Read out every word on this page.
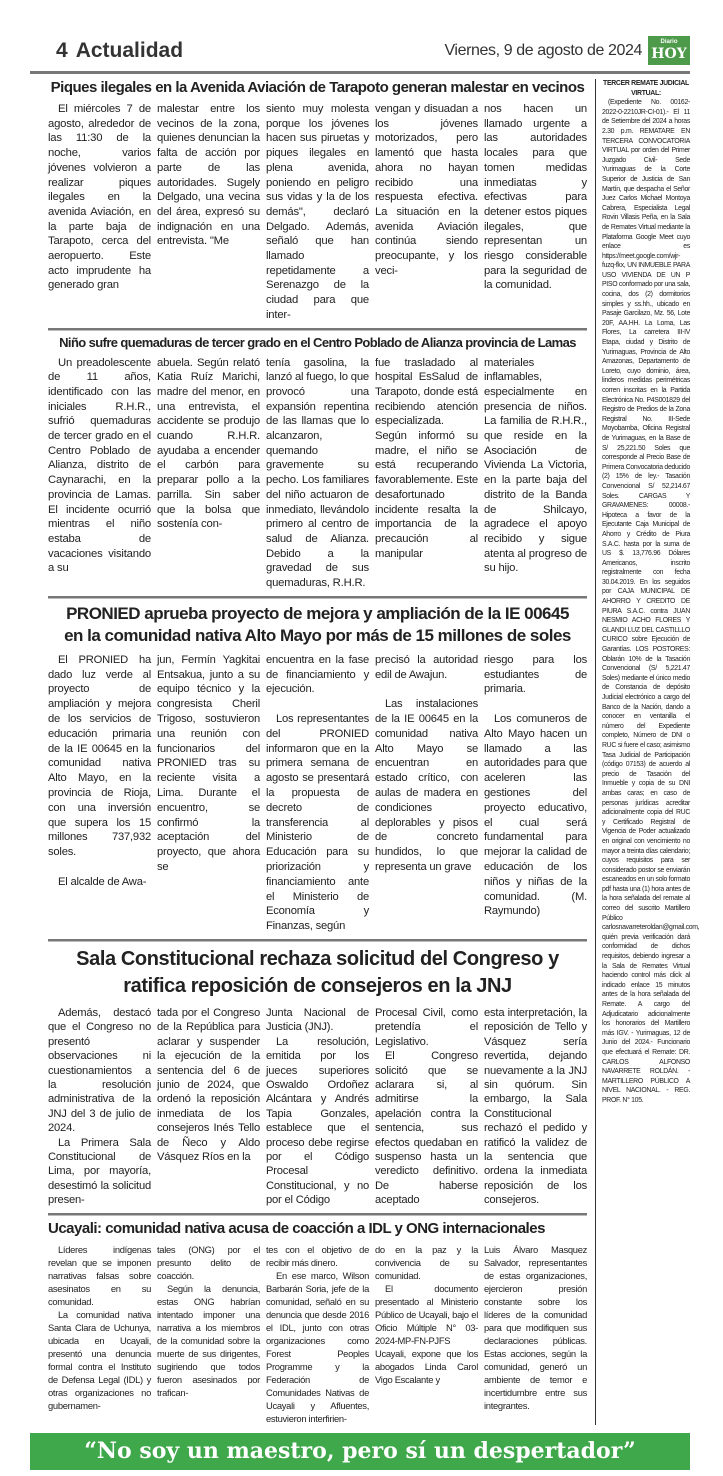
4 Actualidad	Viernes, 9 de agosto de 2024	Diario
HOY
Piques ilegales en la Avenida Aviación de Tarapoto generan malestar en vecinos

El miércoles 7 de agosto, alrededor de las 11:30 de la noche, varios jóvenes volvieron a realizar piques ilegales en la avenida Aviación, en la parte baja de Tarapoto, cerca del aeropuerto. Este acto imprudente ha generado gran

malestar entre los vecinos de la zona, quienes denuncian la falta de acción por parte de las autoridades. Sugely Delgado, una vecina del área, expresó su indignación en una entrevista. "Me

siento muy molesta porque los jóvenes hacen sus piruetas y piques ilegales en plena avenida, poniendo en peligro sus vidas y la de los demás", declaró Delgado. Además, señaló que han llamado repetidamente a Serenazgo de la ciudad para que inter-

vengan y disuadan a los jóvenes motorizados, pero lamentó que hasta ahora no hayan recibido una respuesta efectiva. La situación en la avenida Aviación continúa siendo preocupante, y los veci-

nos hacen un llamado urgente a las autoridades locales para que tomen medidas inmediatas y efectivas para detener estos piques ilegales, que representan un riesgo considerable para la seguridad de la comunidad.

Niño sufre quemaduras de tercer grado en el Centro Poblado de Alianza provincia de Lamas

Un preadolescente de 11 años, identificado con las iniciales R.H.R., sufrió quemaduras de tercer grado en el Centro Poblado de Alianza, distrito de Caynarachi, en la provincia de Lamas. El incidente ocurrió mientras el niño estaba de vacaciones visitando a su

abuela. Según relató Katia Ruíz Marichi, madre del menor, en una entrevista, el accidente se produjo cuando R.H.R. ayudaba a encender el carbón para preparar pollo a la parrilla. Sin saber que la bolsa que sostenía con-

tenía gasolina, la lanzó al fuego, lo que provocó una expansión repentina de las llamas que lo alcanzaron, quemando gravemente su pecho. Los familiares del niño actuaron de inmediato, llevándolo primero al centro de salud de Alianza. Debido a la gravedad de sus quemaduras, R.H.R.

fue trasladado al hospital EsSalud de Tarapoto, donde está recibiendo atención especializada. Según informó su madre, el niño se está recuperando favorablemente. Este desafortunado incidente resalta la importancia de la precaución al manipular

materiales inflamables, especialmente en presencia de niños. La familia de R.H.R., que reside en la Asociación de Vivienda La Victoria, en la parte baja del distrito de la Banda de Shilcayo, agradece el apoyo recibido y sigue atenta al progreso de su hijo.

PRONIED aprueba proyecto de mejora y ampliación de la IE 00645
en la comunidad nativa Alto Mayo por más de 15 millones de soles

El PRONIED ha dado luz verde al proyecto de ampliación y mejora de los servicios de educación primaria de la IE 00645 en la comunidad nativa Alto Mayo, en la provincia de Rioja, con una inversión que supera los 15 millones 737,932 soles.

El alcalde de Awa-

jun, Fermín Yagkitai Entsakua, junto a su equipo técnico y la congresista Cheril Trigoso, sostuvieron una reunión con funcionarios del PRONIED tras su reciente visita a Lima. Durante el encuentro, se confirmó la aceptación del proyecto, que ahora se

encuentra en la fase de financiamiento y ejecución.

Los representantes del PRONIED informaron que en la primera semana de agosto se presentará la propuesta de decreto de transferencia al Ministerio de Educación para su priorización y financiamiento ante el Ministerio de Economía y Finanzas, según

precisó la autoridad edil de Awajun.

Las instalaciones de la IE 00645 en la comunidad nativa Alto Mayo se encuentran en estado crítico, con aulas de madera en condiciones deplorables y pisos de concreto hundidos, lo que representa un grave

riesgo para los estudiantes de primaria.

Los comuneros de Alto Mayo hacen un llamado a las autoridades para que aceleren las gestiones del proyecto educativo, el cual será fundamental para mejorar la calidad de educación de los niños y niñas de la comunidad. (M. Raymundo)

Sala Constitucional rechaza solicitud del Congreso y
ratifica reposición de consejeros en la JNJ

Además, destacó que el Congreso no presentó observaciones ni cuestionamientos a la resolución administrativa de la JNJ del 3 de julio de 2024.

La Primera Sala Constitucional de Lima, por mayoría, desestimó la solicitud presen-

tada por el Congreso de la República para aclarar y suspender la ejecución de la sentencia del 6 de junio de 2024, que ordenó la reposición inmediata de los consejeros Inés Tello de Ñeco y Aldo Vásquez Ríos en la

Junta Nacional de Justicia (JNJ).

La resolución, emitida por los jueces superiores Oswaldo Ordoñez Alcántara y Andrés Tapia Gonzales, establece que el proceso debe regirse por el Código Procesal Constitucional, y no por el Código

Procesal Civil, como pretendía el Legislativo.

El Congreso solicitó que se aclarara si, al admitirse la apelación contra la sentencia, sus efectos quedaban en suspenso hasta un veredicto definitivo. De haberse aceptado

esta interpretación, la reposición de Tello y Vásquez sería revertida, dejando nuevamente a la JNJ sin quórum. Sin embargo, la Sala Constitucional rechazó el pedido y ratificó la validez de la sentencia que ordena la inmediata reposición de los consejeros.

Ucayali: comunidad nativa acusa de coacción a IDL y ONG internacionales

Líderes indígenas revelan que se imponen narrativas falsas sobre asesinatos en su comunidad.

La comunidad nativa Santa Clara de Uchunya, ubicada en Ucayali, presentó una denuncia formal contra el Instituto de Defensa Legal (IDL) y otras organizaciones no gubernamen-

tales (ONG) por el presunto delito de coacción.

Según la denuncia, estas ONG habrían intentado imponer una narrativa a los miembros de la comunidad sobre la muerte de sus dirigentes, sugiriendo que todos fueron asesinados por trafican-

tes con el objetivo de recibir más dinero.

En ese marco, Wilson Barbarán Soria, jefe de la comunidad, señaló en su denuncia que desde 2016 el IDL, junto con otras organizaciones como Forest Peoples Programme y la Federación de Comunidades Nativas de Ucayali y Afluentes, estuvieron interfirien-

do en la paz y la convivencia de su comunidad.

El documento presentado al Ministerio Público de Ucayali, bajo el Oficio Múltiple N° 03-2024-MP-FN-PJFS Ucayali, expone que los abogados Linda Carol Vigo Escalante y

Luis Álvaro Masquez Salvador, representantes de estas organizaciones, ejercieron presión constante sobre los líderes de la comunidad para que modifiquen sus declaraciones públicas. Estas acciones, según la comunidad, generó un ambiente de temor e incertidumbre entre sus integrantes.

TERCER REMATE JUDICIAL VIRTUAL:
(Expediente No. 00162-2022-0-2210JR-CI-01).- El 11 de Setiembre del 2024 a horas 2.30 p.m. REMATARE EN TERCERA CONVOCATORIA VIRTUAL por orden del Primer Juzgado Civil- Sede Yurimaguas de la Corte Superior de Justicia de San Martín, que despacha el Señor Juez Carlos Michael Montoya Cabrera, Especialista Legal Rovin Villasis Peña, en la Sala de Remates Virtual mediante la Plataforma Google Meet cuyo enlace es https://meet.google.com/wjr-fuzq-fkx, UN INMUEBLE PARA USO VIVIENDA DE UN P PISO conformado por una sala, cocina, dos (2) dormitorios simples y ss.hh., ubicado en Pasaje Garcilazo, Mz. 56, Lote 20F, AA.HH. La Loma, Las Flores, La carretera III-IV Etapa, ciudad y Distrito de Yurimaguas, Provincia de Alto Amazonas, Departamento de Loreto, cuyo dominio, área, linderos medidas perimétricas corren inscritas en la Partida Electrónica No. P4S001829 del Registro de Predios de la Zona Registral No. III-Sede Moyobamba, Oficina Registral de Yurimaguas, en la Base de S/ 25,221.50 Soles que corresponde al Precio Base de Primera Convocatoria deducido (2) 15% de ley.- Tasación Convencional S/ 52,214.67 Soles. CARGAS Y GRAVAMENES: 00008.- Hipoteca a favor de la Ejecutante Caja Municipal de Ahorro y Crédito de Piura S.A.C. hasta por la suma de US $. 13,776.96 Dólares Americanos, inscrito registralmente con fecha 30.04.2019. En los seguidos por CAJA MUNICIPAL DE AHORRO Y CREDITO DE PIURA S.A.C. contra JUAN NESMIO ACHO FLORES Y GLANDI LUZ DEL CASTILLLO CURICO sobre Ejecución de Garantías. LOS POSTORES: Oblarán 10% de la Tasación Convencional (S/ 5,221.47 Soles) mediante el único medio de Constancia de depósito Judicial electrónico a cargo del Banco de la Nación, dando a conocer en ventanilla el número del Expediente completo, Número de DNI o RUC si fuere el caso; asimismo Tasa Judicial de Participación (código 07153) de acuerdo al precio de Tasación del Inmueble y copia de su DNI ambas caras; en caso de personas jurídicas acreditar adicionalmente copia del RUC y Certificado Registral de Vigencia de Poder actualizado en original con vencimiento no mayor a treinta días calendario; cuyos requisitos para ser considerado postor se enviarán escaneados en un solo formato pdf hasta una (1) hora antes de la hora señalada del remate al correo del suscrito Martillero Público carlosnavarreteroldan@gmail.com, quién previa verificación dará conformidad de dichos requisitos, debiendo ingresar a la Sala de Remates Virtual haciendo control más click al indicado enlace 15 minutos antes de la hora señalada del Remate. A cargo del Adjudicatario adicionalmente los honorarios del Martillero más IGV. - Yurimaguas, 12 de Junio del 2024.- Funcionario que efectuará el Remate: DR. CARLOS ALFONSO NAVARRETE ROLDÁN. - MARTILLERO PÚBLICO A NIVEL NACIONAL. - REG. PROF. N° 105.
“No soy un maestro, pero sí un despertador”
